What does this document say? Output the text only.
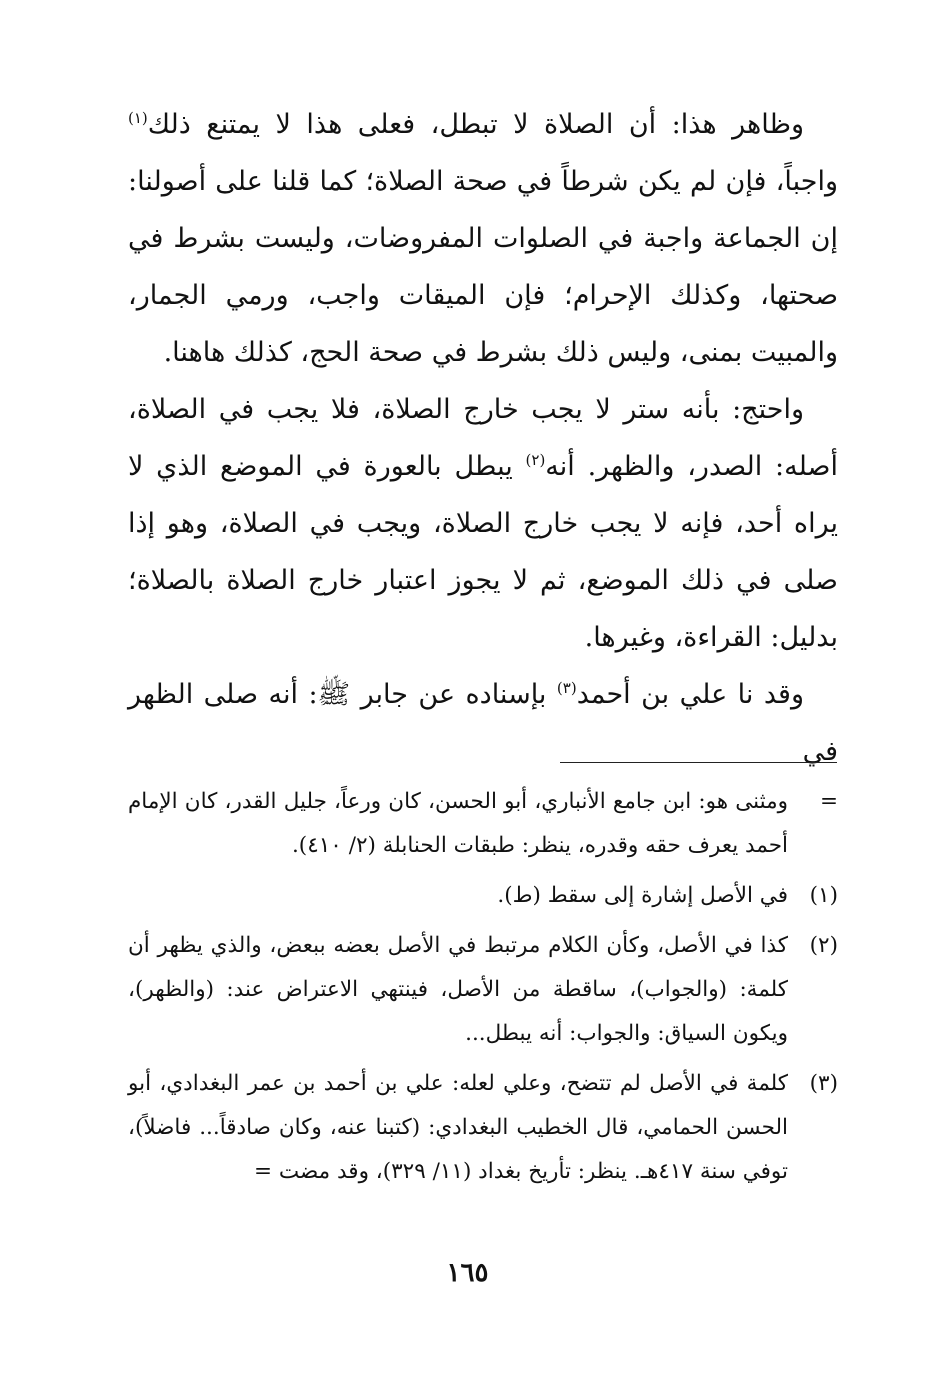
وظاهر هذا: أن الصلاة لا تبطل، فعلى هذا لا يمتنع ذلك$^{(١)}$ واجباً، فإن لم يكن شرطاً في صحة الصلاة؛ كما قلنا على أصولنا: إن الجماعة واجبة في الصلوات المفروضات، وليست بشرط في صحتها، وكذلك الإحرام؛ فإن الميقات واجب، ورمي الجمار، والمبيت بمنى، وليس ذلك بشرط في صحة الحج، كذلك هاهنا.

واحتج: بأنه ستر لا يجب خارج الصلاة، فلا يجب في الصلاة، أصله: الصدر، والظهر. أنه$^{(٢)}$ يبطل بالعورة في الموضع الذي لا يراه أحد، فإنه لا يجب خارج الصلاة، ويجب في الصلاة، وهو إذا صلى في ذلك الموضع، ثم لا يجوز اعتبار خارج الصلاة بالصلاة؛ بدليل: القراءة، وغيرها.

وقد نا علي بن أحمد$^{(٣)}$ بإسناده عن جابر ﷺ: أنه صلى الظهر في

=
ومثنى هو: ابن جامع الأنباري، أبو الحسن، كان ورعاً، جليل القدر، كان الإمام أحمد يعرف حقه وقدره، ينظر: طبقات الحنابلة (٢/ ٤١٠).
(١)
في الأصل إشارة إلى سقط (ط).
(٢)
كذا في الأصل، وكأن الكلام مرتبط في الأصل بعضه ببعض، والذي يظهر أن كلمة: (والجواب)، ساقطة من الأصل، فينتهي الاعتراض عند: (والظهر)، ويكون السياق: والجواب: أنه يبطل...
(٣)
كلمة في الأصل لم تتضح، وعلي لعله: علي بن أحمد بن عمر البغدادي، أبو الحسن الحمامي، قال الخطيب البغدادي: (كتبنا عنه، وكان صادقاً... فاضلاً)، توفي سنة ٤١٧هـ. ينظر: تأريخ بغداد (١١/ ٣٢٩)، وقد مضت =
١٦٥
